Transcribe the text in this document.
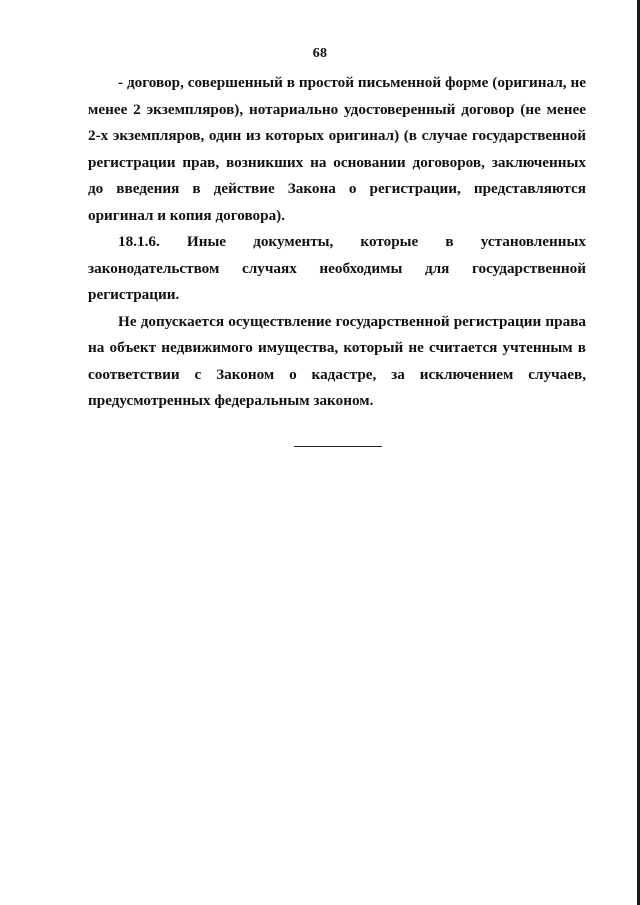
68

- договор, совершенный в простой письменной форме (оригинал, не менее 2 экземпляров), нотариально удостоверенный договор (не менее 2-х экземпляров, один из которых оригинал) (в случае государственной регистрации прав, возникших на основании договоров, заключенных до введения в действие Закона о регистрации, представляются оригинал и копия договора).

18.1.6. Иные документы, которые в установленных законодательством случаях необходимы для государственной регистрации.

Не допускается осуществление государственной регистрации права на объект недвижимого имущества, который не считается учтенным в соответствии с Законом о кадастре, за исключением случаев, предусмотренных федеральным законом.
